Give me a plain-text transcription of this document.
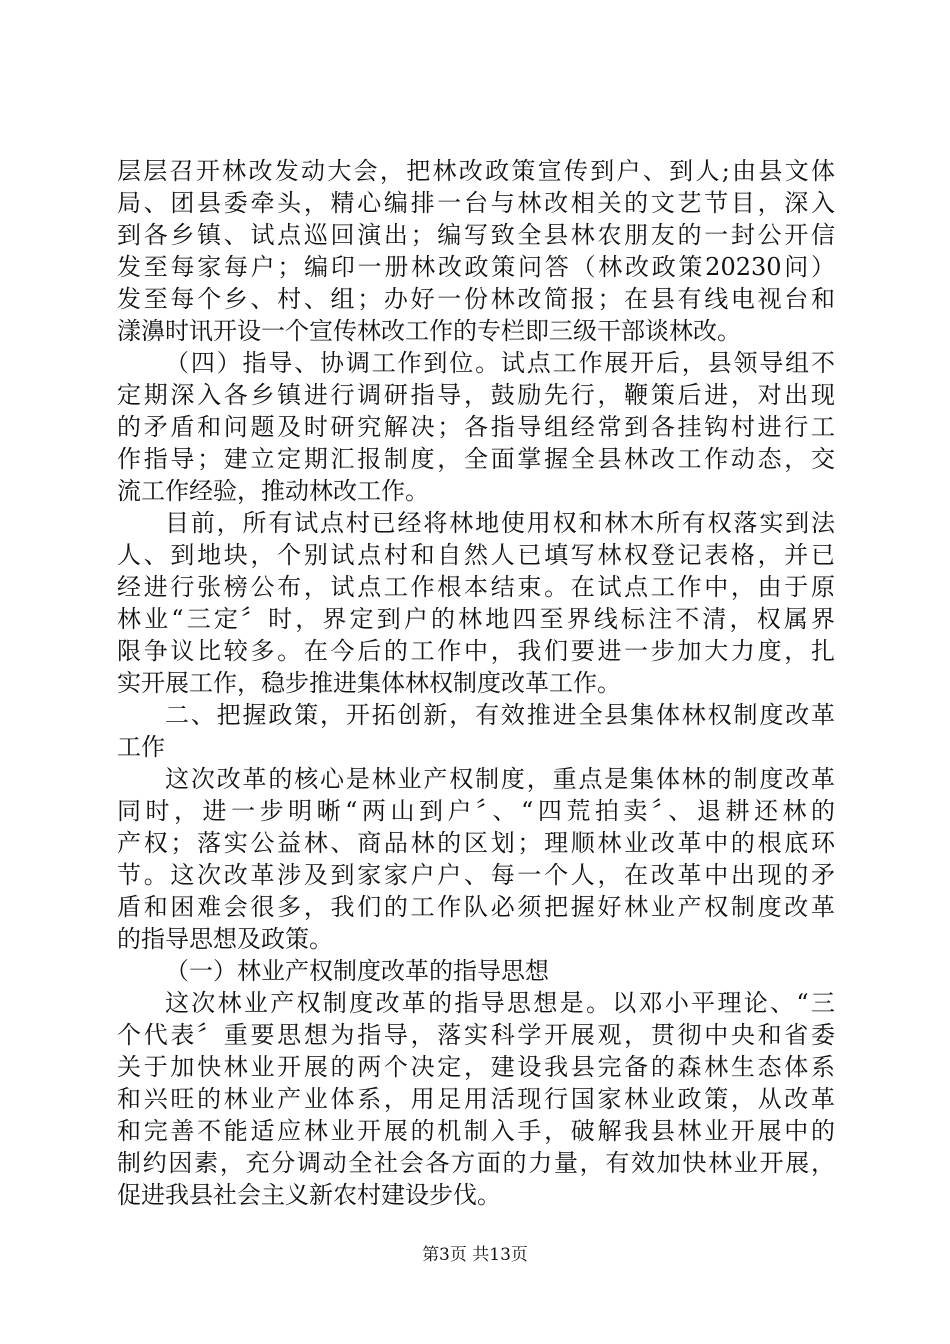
层层召开林改发动大会，把林改政策宣传到户、到人;由县文体
局、团县委牵头，精心编排一台与林改相关的文艺节目，深入
到各乡镇、试点巡回演出；编写致全县林农朋友的一封公开信
发至每家每户；编印一册林改政策问答（林改政策20230问）
发至每个乡、村、组；办好一份林改简报；在县有线电视台和
漾濞时讯开设一个宣传林改工作的专栏即三级干部谈林改。
（四）指导、协调工作到位。试点工作展开后，县领导组不
定期深入各乡镇进行调研指导，鼓励先行，鞭策后进，对出现
的矛盾和问题及时研究解决；各指导组经常到各挂钩村进行工
作指导；建立定期汇报制度，全面掌握全县林改工作动态，交
流工作经验，推动林改工作。
目前，所有试点村已经将林地使用权和林木所有权落实到法
人、到地块，个别试点村和自然人已填写林权登记表格，并已
经进行张榜公布，试点工作根本结束。在试点工作中，由于原
林业“三定〞时，界定到户的林地四至界线标注不清，权属界
限争议比较多。在今后的工作中，我们要进一步加大力度，扎
实开展工作，稳步推进集体林权制度改革工作。
二、把握政策，开拓创新，有效推进全县集体林权制度改革
工作
这次改革的核心是林业产权制度，重点是集体林的制度改革
同时，进一步明晰“两山到户〞、“四荒拍卖〞、退耕还林的
产权；落实公益林、商品林的区划；理顺林业改革中的根底环
节。这次改革涉及到家家户户、每一个人，在改革中出现的矛
盾和困难会很多，我们的工作队必须把握好林业产权制度改革
的指导思想及政策。
（一）林业产权制度改革的指导思想
这次林业产权制度改革的指导思想是。以邓小平理论、“三
个代表〞重要思想为指导，落实科学开展观，贯彻中央和省委
关于加快林业开展的两个决定，建设我县完备的森林生态体系
和兴旺的林业产业体系，用足用活现行国家林业政策，从改革
和完善不能适应林业开展的机制入手，破解我县林业开展中的
制约因素，充分调动全社会各方面的力量，有效加快林业开展，
促进我县社会主义新农村建设步伐。
第3页 共13页
